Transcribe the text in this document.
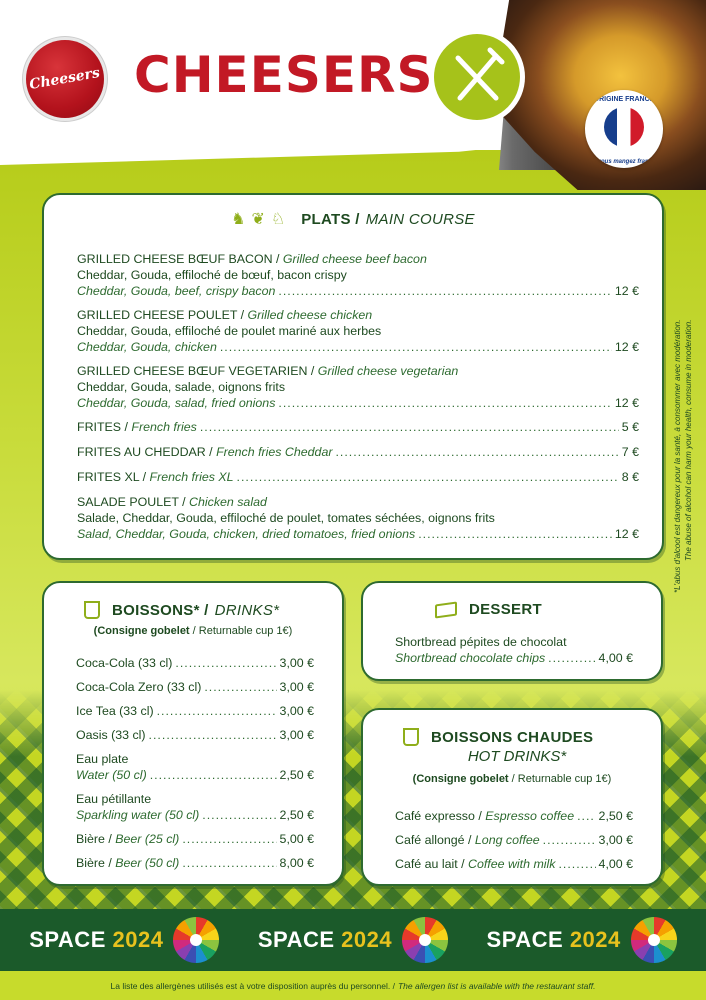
Cheesers CHEESERS	ORIGINE FRANCE
Ici, vous mangez français
♞ ❦ ♘ PLATS / MAIN COURSE
GRILLED CHEESE BŒUF BACON / Grilled cheese beef bacon
Cheddar, Gouda, effiloché de bœuf, bacon crispy
Cheddar, Gouda, beef, crispy bacon .....	12 €
GRILLED CHEESE POULET / Grilled cheese chicken
Cheddar, Gouda, effiloché de poulet mariné aux herbes
Cheddar, Gouda, chicken .....	12 €
GRILLED CHEESE BŒUF VEGETARIEN / Grilled cheese vegetarian
Cheddar, Gouda, salade, oignons frits
Cheddar, Gouda, salad, fried onions .....	12 €
FRITES / French fries .....	5 €
FRITES AU CHEDDAR / French fries Cheddar .....	7 €
FRITES XL / French fries XL .....	8 €
SALADE POULET / Chicken salad
Salade, Cheddar, Gouda, effiloché de poulet, tomates séchées, oignons frits
Salad, Cheddar, Gouda, chicken, dried tomatoes, fried onions .....	12 €
BOISSONS* / DRINKS*
(Consigne gobelet / Returnable cup 1€)
Coca-Cola (33 cl) .....	3,00 €
Coca-Cola Zero (33 cl) .....	3,00 €
Ice Tea (33 cl) .....	3,00 €
Oasis (33 cl) .....	3,00 €
Eau plate
Water (50 cl) .....	2,50 €
Eau pétillante
Sparkling water (50 cl) .....	2,50 €
Bière / Beer (25 cl) .....	5,00 €
Bière / Beer (50 cl) .....	8,00 €
DESSERT
Shortbread pépites de chocolat
Shortbread chocolate chips .....	4,00 €
BOISSONS CHAUDES
HOT DRINKS*
(Consigne gobelet / Returnable cup 1€)
Café expresso / Espresso coffee ..... 2,50 €
Café allongé / Long coffee .....	3,00 €
Café au lait / Coffee with milk .....	4,00 €
*L'abus d'alcool est dangereux pour la santé, à consommer avec modération. The abuse of alcohol can harm your health, consume in moderation.
SPACE 2024	SPACE 2024	SPACE 2024
La liste des allergènes utilisés est à votre disposition auprès du personnel. / The allergen list is available with the restaurant staff.
